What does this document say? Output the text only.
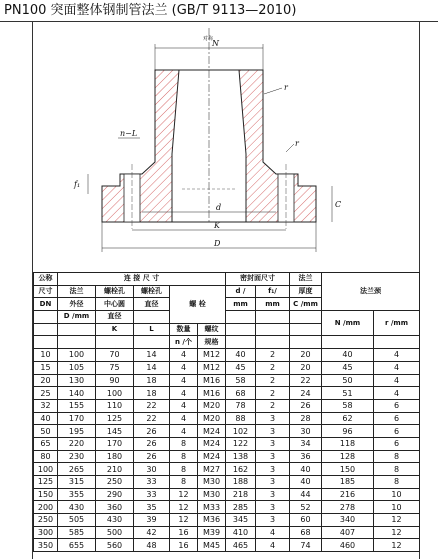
PN100 突面整体钢制管法兰 (GB/T 9113—2010)
对称
N
r
r
n−L
f₁
C
d
K
D
公称	连 接 尺 寸					密封面尺寸		法兰	法兰颈	
尺寸	法兰	螺栓孔	螺栓孔	螺 栓		d /	f₁/	厚度		
DN	外径	中心圆	直径			mm	mm	C /mm		
	D /mm	直径							N /mm	r /mm
		K	L	数量	螺纹					
				n /个	规格					
10	100	70	14	4	M12	40	2	20	40	4
15	105	75	14	4	M12	45	2	20	45	4
20	130	90	18	4	M16	58	2	22	50	4
25	140	100	18	4	M16	68	2	24	51	4
32	155	110	22	4	M20	78	2	26	58	6
40	170	125	22	4	M20	88	3	28	62	6
50	195	145	26	4	M24	102	3	30	96	6
65	220	170	26	8	M24	122	3	34	118	6
80	230	180	26	8	M24	138	3	36	128	8
100	265	210	30	8	M27	162	3	40	150	8
125	315	250	33	8	M30	188	3	40	185	8
150	355	290	33	12	M30	218	3	44	216	10
200	430	360	35	12	M33	285	3	52	278	10
250	505	430	39	12	M36	345	3	60	340	12
300	585	500	42	16	M39	410	4	68	407	12
350	655	560	48	16	M45	465	4	74	460	12
